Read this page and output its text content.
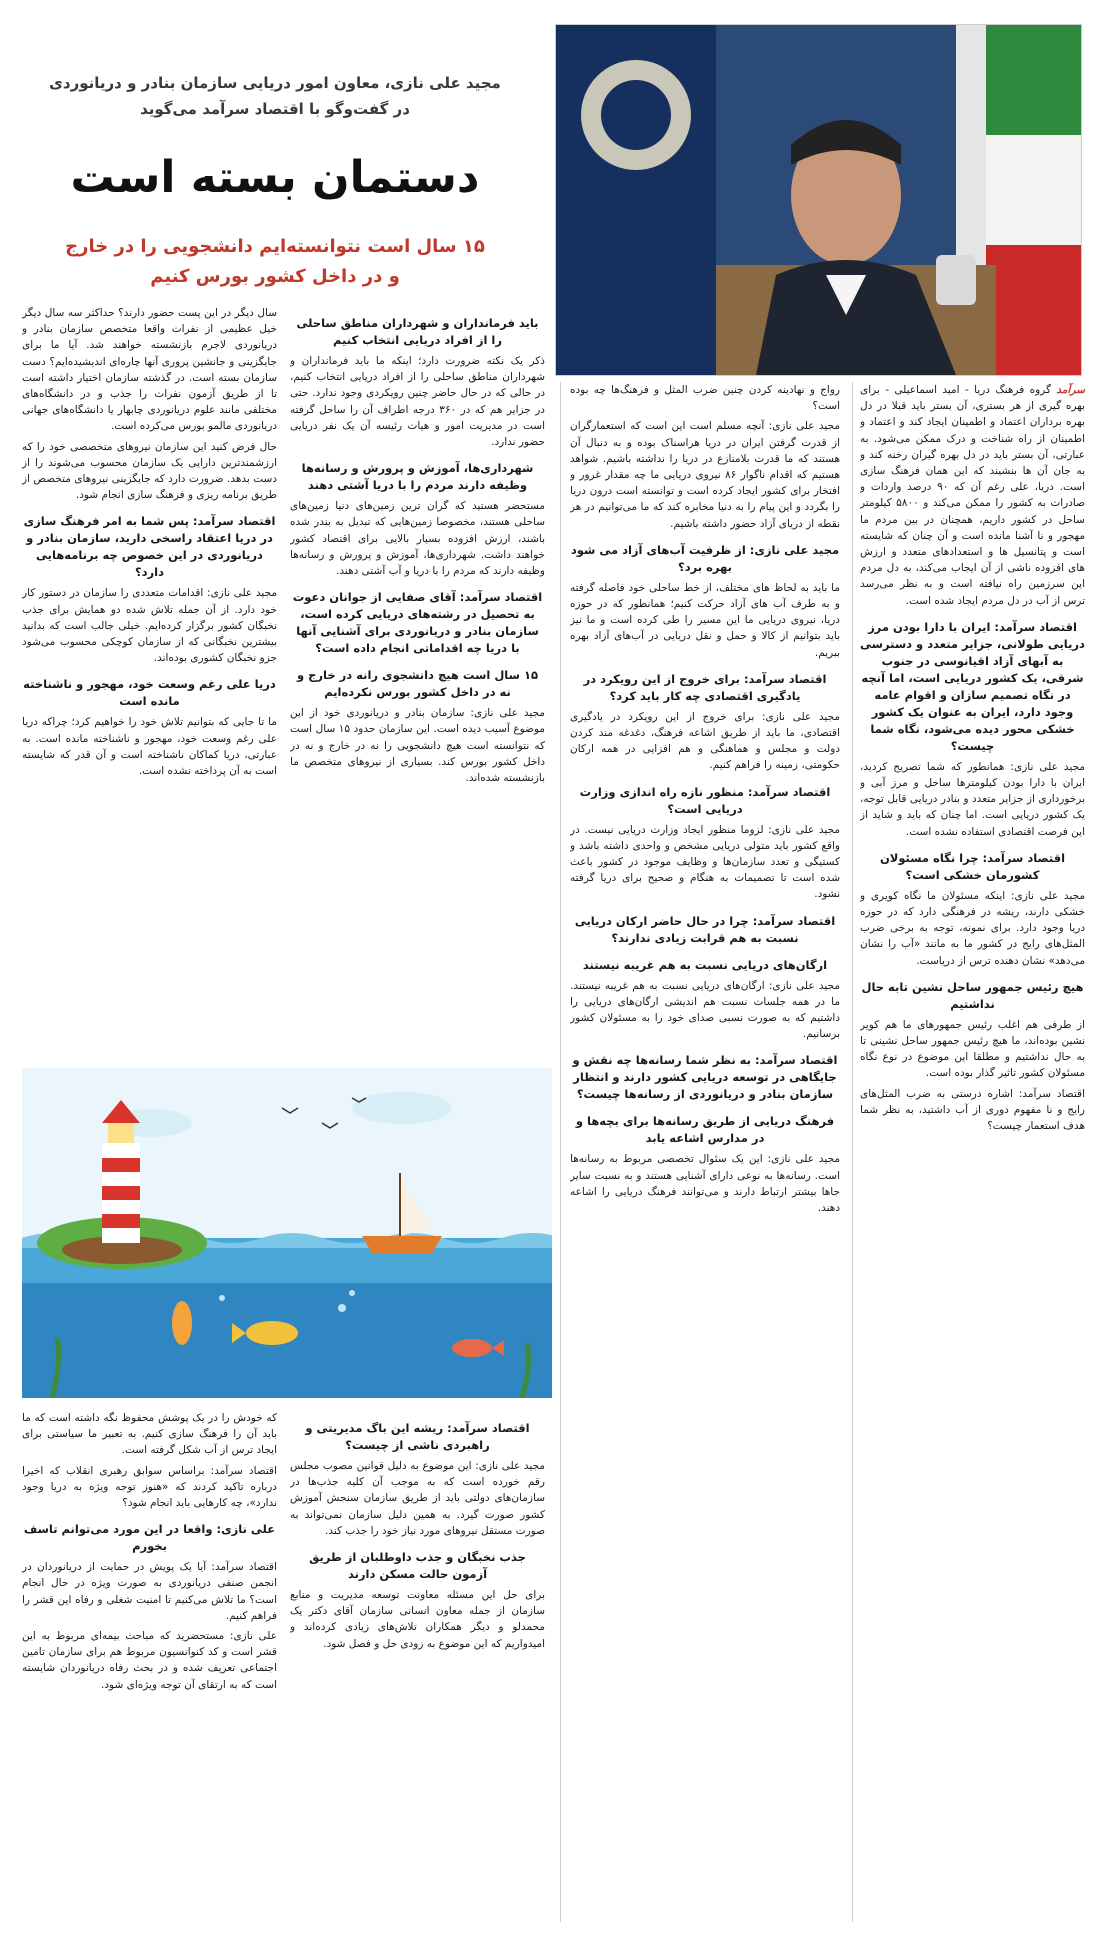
مجید علی نازی، معاون امور دریایی سازمان بنادر و دریانوردی
در گفت‌و‌گو با اقتصاد سرآمد می‌گوید
دستمان بسته است
۱۵ سال است نتوانسته‌ایم دانشجویی را در خارج
و در داخل کشور بورس کنیم

سرآمد گروه فرهنگ دریا - امید اسماعیلی - برای بهره گیری از هر بستری، آن بستر باید قبلا در دل بهره برداران اعتماد و اطمینان ایجاد کند و اعتماد و اطمینان از راه شناخت و درک ممکن می‌شود. به عبارتی، آن بستر باید در دل بهره گیران رخنه کند و به جان آن ها بنشیند که این همان فرهنگ سازی است. دریا، علی رغم آن که ۹۰ درصد واردات و صادرات به کشور را ممکن می‌کند و ۵۸۰۰ کیلومتر ساحل در کشور داریم، همچنان در بین مردم ما مهجور و نا آشنا مانده است و آن چنان که شایسته است و پتانسیل ها و استعدادهای متعدد و ارزش های افزوده ناشی از آن ایجاب می‌کند، به دل مردم این سرزمین راه نیافته است و به نظر می‌رسد ترس از آب در دل مردم ایجاد شده است.

اقتصاد سرآمد: ایران با دارا بودن مرز دریایی طولانی، جزایر متعدد و دسترسی به آبهای آزاد اقیانوسی در جنوب شرقی، یک کشور دریایی است، اما آنچه در نگاه تصمیم سازان و اقوام عامه وجود دارد، ایران به عنوان یک کشور خشکی محور دیده می‌شود، نگاه شما چیست؟

مجید علی نازی: همانطور که شما تصریح کردید، ایران با دارا بودن کیلومترها ساحل و مرز آبی و برخورداری از جزایر متعدد و بنادر دریایی قابل توجه، یک کشور دریایی است. اما چنان که باید و شاید از این فرصت اقتصادی استفاده نشده است.

اقتصاد سرآمد: چرا نگاه مسئولان کشورمان خشکی است؟

مجید علی نازی: اینکه مسئولان ما نگاه کویری و خشکی دارند، ریشه در فرهنگی دارد که در حوزه دریا وجود دارد. برای نمونه، توجه به برخی ضرب المثل‌های رایج در کشور ما به مانند «آب را نشان می‌دهد» نشان دهنده ترس از دریاست.

هیچ رئیس جمهور ساحل نشین تابه حال نداشتیم

از طرفی هم اغلب رئیس جمهورهای ما هم کویر نشین بوده‌اند، ما هیچ رئیس جمهور ساحل نشینی تا به حال نداشتیم و مطلقا این موضوع در نوع نگاه مسئولان کشور تاثیر گذار بوده است.

اقتصاد سرآمد: اشاره درستی به ضرب المثل‌های رایج و نا مفهوم دوری از آب داشتید، به نظر شما هدف استعمار چیست؟

رواج و نهادینه کردن چنین ضرب المثل و فرهنگ‌ها چه بوده است؟

مجید علی نازی: آنچه مسلم است این است که استعمارگران از قدرت گرفتن ایران در دریا هراسناک بوده و به دنبال آن هستند که ما قدرت بلامنازع در دریا را نداشته باشیم. شواهد هستیم که اقدام ناگوار ۸۶ نیروی دریایی ما چه مقدار غرور و افتخار برای کشور ایجاد کرده است و توانسته است درون دریا را بگردد و این پیام را به دنیا مخابره کند که ما می‌توانیم در هر نقطه از دریای آزاد حضور داشته باشیم.

مجید علی نازی: از ظرفیت آب‌های آزاد می شود بهره برد؟

ما باید به لحاظ های مختلف، از خط ساحلی خود فاصله گرفته و به طرف آب های آزاد حرکت کنیم؛ همانطور که در حوزه دریا، نیروی دریایی ما این مسیر را طی کرده است و ما نیز باید بتوانیم از کالا و حمل و نقل دریایی در آب‌های آزاد بهره ببریم.

اقتصاد سرآمد: برای خروج از این رویکرد در یادگیری اقتصادی چه کار باید کرد؟

مجید علی نازی: برای خروج از این رویکرد در یادگیری اقتصادی، ما باید از طریق اشاعه فرهنگ، دغدغه مند کردن دولت و مجلس و هماهنگی و هم افزایی در همه ارکان حکومتی، زمینه را فراهم کنیم.

اقتصاد سرآمد: منظور نازه راه اندازی وزارت دریایی است؟

مجید علی نازی: لزوما منظور ایجاد وزارت دریایی نیست. در واقع کشور باید متولی دریایی مشخص و واحدی داشته باشد و کستیگی و تعدد سازمان‌ها و وظایف موجود در کشور باعث شده است تا تصمیمات به هنگام و صحیح برای دریا گرفته نشود.

اقتصاد سرآمد: چرا در حال حاضر ارکان دریایی نسبت به هم قرابت زیادی ندارند؟
ارگان‌های دریایی نسبت به هم غریبه نیستند

مجید علی نازی: ارگان‌های دریایی نسبت به هم غریبه نیستند. ما در همه جلسات نسبت هم اندیشی ارگان‌های دریایی را داشتیم که به صورت نسبی صدای خود را به مسئولان کشور برسانیم.

اقتصاد سرآمد: به نظر شما رسانه‌ها چه نقش و جایگاهی در توسعه دریایی کشور دارند و انتظار سازمان بنادر و دریانوردی از رسانه‌ها چیست؟
فرهنگ دریایی از طریق رسانه‌ها برای بچه‌ها و در مدارس اشاعه یابد

مجید علی نازی: این یک سئوال تخصصی مربوط به رسانه‌ها است. رسانه‌ها به نوعی دارای آشنایی هستند و به نسبت سایر جاها بیشتر ارتباط دارند و می‌توانند فرهنگ دریایی را اشاعه دهند.

باید فرمانداران و شهرداران مناطق ساحلی را از افراد دریایی انتخاب کنیم

ذکر یک نکته ضرورت دارد؛ اینکه ما باید فرمانداران و شهرداران مناطق ساحلی را از افراد دریایی انتخاب کنیم، در حالی که در حال حاضر چنین رویکردی وجود ندارد. حتی در جزایر هم که در ۳۶۰ درجه اطراف آن را ساحل گرفته است در مدیریت امور و هیات رئیسه آن یک نفر دریایی حضور ندارد.

شهرداری‌ها، آموزش و پرورش و رسانه‌ها وظیفه دارند مردم را با دریا آشتی دهند

مستحضر هستید که گران ترین زمین‌های دنیا زمین‌های ساحلی هستند، مخصوصا زمین‌هایی که تبدیل به بندر شده باشند، ارزش افزوده بسیار بالایی برای اقتصاد کشور خواهند داشت. شهرداری‌ها، آموزش و پرورش و رسانه‌ها وظیفه دارند که مردم را با دریا و آب آشتی دهند.

اقتصاد سرآمد: آقای صفایی از جوانان دعوت به تحصیل در رشته‌های دریایی کرده است، سازمان بنادر و دریانوردی برای آشنایی آنها با دریا چه اقداماتی انجام داده است؟
۱۵ سال است هیچ دانشجوی رانه در خارج و نه در داخل کشور بورس نکرده‌ایم

مجید علی نازی: سازمان بنادر و دریانوردی خود از این موضوع آسیب دیده است. این سازمان حدود ۱۵ سال است که نتوانسته است هیچ دانشجویی را نه در خارج و نه در داخل کشور بورس کند. بسیاری از نیروهای متخصص ما بازنشسته شده‌اند.

سال دیگر در این پست حضور دارند؟ حداکثر سه سال دیگر خیل عظیمی از نفرات واقعا متخصص سازمان بنادر و دریانوردی لاجرم بازنشسته خواهند شد. آیا ما برای جایگزینی و جانشین پروری آنها چاره‌ای اندیشیده‌ایم؟ دست سازمان بسته است. در گذشته سازمان اختیار داشته است تا از طریق آزمون نفرات را جذب و در دانشگاه‌های مختلفی مانند علوم دریانوردی چابهار یا دانشگاه‌های جهانی دریانوردی مالمو بورس می‌کرده است.

حال فرض کنید این سازمان نیروهای متخصصی خود را که ارزشمندترین دارایی یک سازمان محسوب می‌شوند را از دست بدهد. ضرورت دارد که جایگزینی نیروهای متخصص از طریق برنامه ریزی و فرهنگ سازی انجام شود.

اقتصاد سرآمد: پس شما به امر فرهنگ سازی در دریا اعتقاد راسخی دارید، سازمان بنادر و دریانوردی در این خصوص چه برنامه‌هایی دارد؟

مجید علی نازی: اقدامات متعددی را سازمان در دستور کار خود دارد. از آن جمله تلاش شده دو همایش برای جذب نخبگان کشور برگزار کرده‌ایم. خیلی جالب است که بدانید بیشترین نخبگانی که از سازمان کوچکی محسوب می‌شود جزو نخبگان کشوری بوده‌اند.

دریا علی رغم وسعت خود، مهجور و ناشناخته مانده است

ما تا جایی که بتوانیم تلاش خود را خواهیم کرد؛ چراکه دریا علی رغم وسعت خود، مهجور و ناشناخته مانده است. به عبارتی، دریا کماکان ناشناخته است و آن قدر که شایسته است به آن پرداخته نشده است.

اقتصاد سرآمد: ریشه این باگ مدیریتی و راهبردی ناشی از چیست؟

مجید علی نازی: این موضوع به دلیل قوانین مصوب مجلس رقم خورده است که به موجب آن کلیه جذب‌ها در سازمان‌های دولتی باید از طریق سازمان سنجش آموزش کشور صورت گیرد. به همین دلیل سازمان نمی‌تواند به صورت مستقل نیروهای مورد نیاز خود را جذب کند.

جذب نخبگان و جذب داوطلبان از طریق آزمون حالت مسکن دارند

برای حل این مسئله معاونت توسعه مدیریت و منابع سازمان از جمله معاون انسانی سازمان آقای دکتر یک محمدلو و دیگر همکاران تلاش‌های زیادی کرده‌اند و امیدواریم که این موضوع به زودی حل و فصل شود.

که خودش را در یک پوشش محفوظ نگه داشته است که ما باید آن را فرهنگ سازی کنیم. به تعبیر ما سیاستی برای ایجاد ترس از آب شکل گرفته است.

اقتصاد سرآمد: براساس سوابق رهبری انقلاب که اخیرا درباره تاکید کردند که «هنوز توجه ویژه به دریا وجود ندارد»، چه کارهایی باید انجام شود؟

علی نازی: واقعا در این مورد می‌توانم تاسف بخورم

اقتصاد سرآمد: آیا یک پویش در حمایت از دریانوردان در انجمن صنفی دریانوردی به صورت ویژه در حال انجام است؟ ما تلاش می‌کنیم تا امنیت شغلی و رفاه این قشر را فراهم کنیم.

علی نازی: مستحضرید که مباحث بیمه‌ای مربوط به این قشر است و کد کنوانسیون مربوط هم برای سازمان تامین اجتماعی تعریف شده و در بحث رفاه دریانوردان شایسته است که به ارتقای آن توجه ویژه‌ای شود.
